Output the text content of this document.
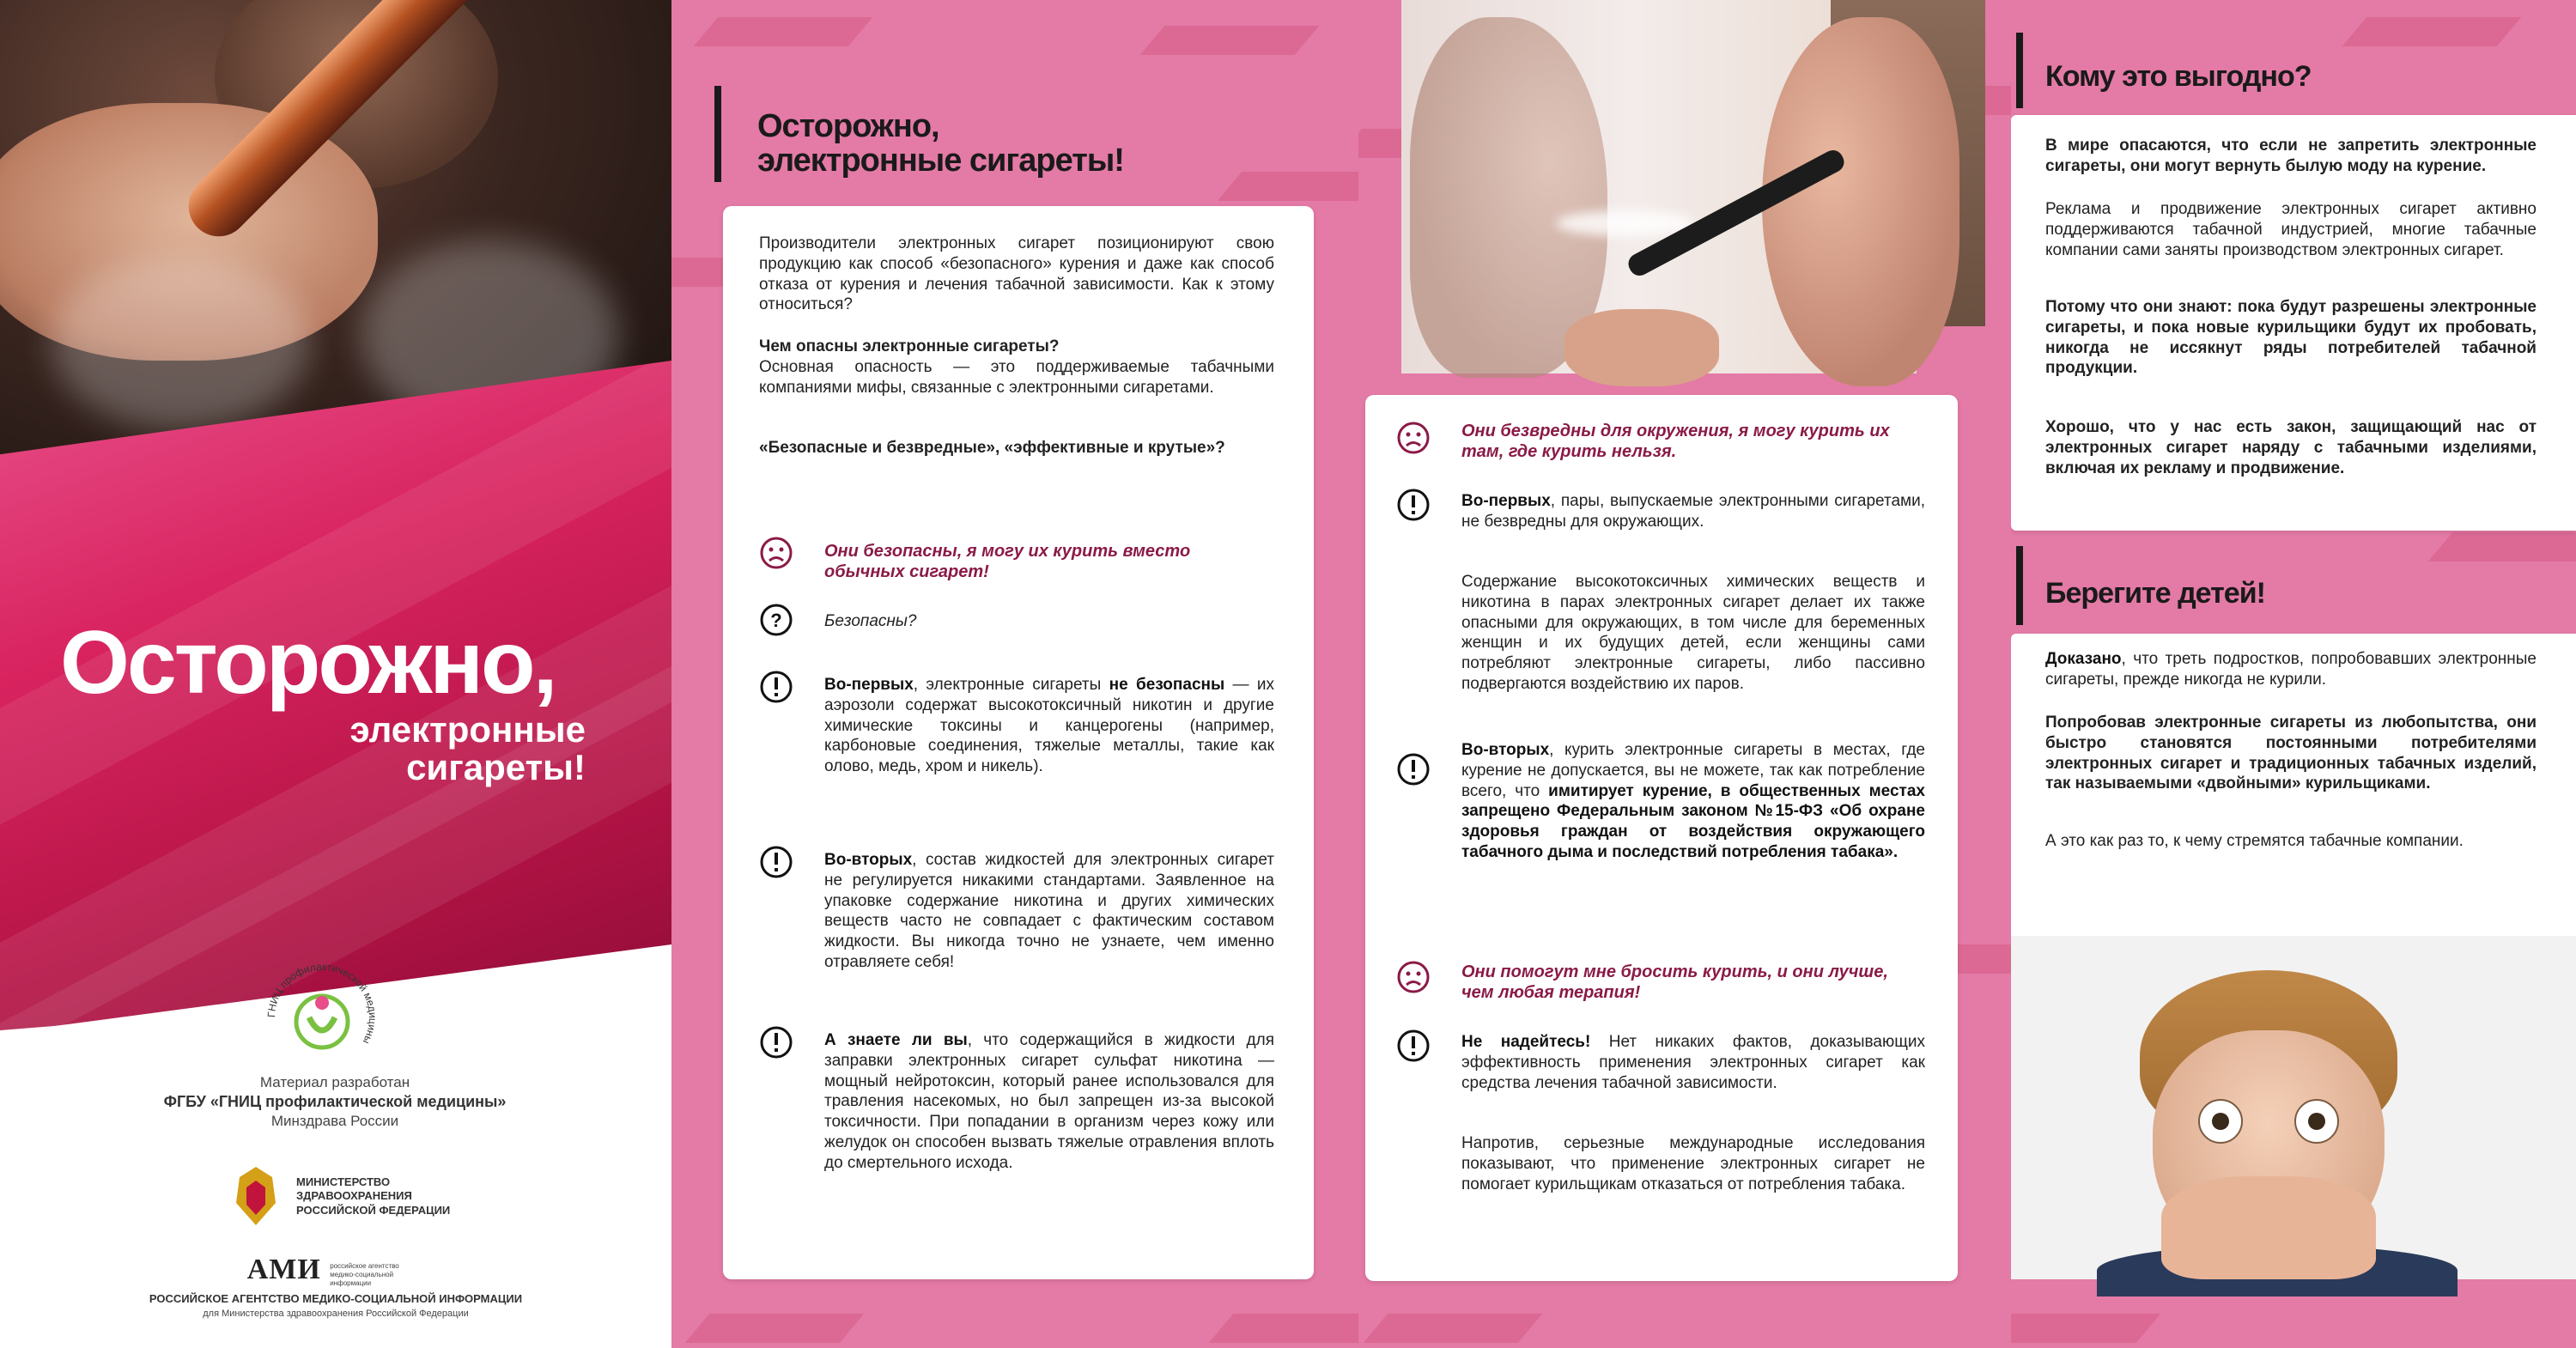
Осторожно,
электронные
сигареты!
ГНИЦ профилактической медицины
Материал разработан
ФГБУ «ГНИЦ профилактической медицины»
Минздрава России
МИНИСТЕРСТВО
ЗДРАВООХРАНЕНИЯ
РОССИЙСКОЙ ФЕДЕРАЦИИ
АМИ российское агентство медико-социальной информации
РОССИЙСКОЕ АГЕНТСТВО МЕДИКО-СОЦИАЛЬНОЙ ИНФОРМАЦИИ
для Министерства здравоохранения Российской Федерации
Осторожно,
электронные сигареты!

Производители электронных сигарет позиционируют свою продукцию как способ «безопасного» курения и даже как способ отказа от курения и лечения табачной зависимости. Как к этому относиться?

Чем опасны электронные сигареты?

Основная опасность — это поддерживаемые табачными компаниями мифы, связанные с электронными сигаретами.

«Безопасные и безвредные», «эффективные и крутые»?

Они безопасны, я могу их курить вместо обычных сигарет!

?	Безопасны?

Во-первых, электронные сигареты не безопасны — их аэрозоли содержат высокотоксичный никотин и другие химические токсины и канцерогены (например, карбоновые соединения, тяжелые металлы, такие как олово, медь, хром и никель).

Во-вторых, состав жидкостей для электронных сигарет не регулируется никакими стандартами. Заявленное на упаковке содержание никотина и других химических веществ часто не совпадает с фактическим составом жидкости. Вы никогда точно не узнаете, чем именно отравляете себя!

А знаете ли вы, что содержащийся в жидкости для заправки электронных сигарет сульфат никотина — мощный нейротоксин, который ранее использовался для травления насекомых, но был запрещен из-за высокой токсичности. При попадании в организм через кожу или желудок он способен вызвать тяжелые отравления вплоть до смертельного исхода.

Они безвредны для окружения, я могу курить их там, где курить нельзя.

Во-первых, пары, выпускаемые электронными сигаретами, не безвредны для окружающих.

Содержание высокотоксичных химических веществ и никотина в парах электронных сигарет делает их также опасными для окружающих, в том числе для беременных женщин и их будущих детей, если женщины сами потребляют электронные сигареты, либо пассивно подвергаются воздействию их паров.

Во-вторых, курить электронные сигареты в местах, где курение не допускается, вы не можете, так как потребление всего, что имитирует курение, в общественных местах запрещено Федеральным законом №15-ФЗ «Об охране здоровья граждан от воздействия окружающего табачного дыма и последствий потребления табака».

Они помогут мне бросить курить, и они лучше, чем любая терапия!

Не надейтесь! Нет никаких фактов, доказывающих эффективность применения электронных сигарет как средства лечения табачной зависимости.

Напротив, серьезные международные исследования показывают, что применение электронных сигарет не помогает курильщикам отказаться от потребления табака.

Кому это выгодно?

В мире опасаются, что если не запретить электронные сигареты, они могут вернуть былую моду на курение.

Реклама и продвижение электронных сигарет активно поддерживаются табачной индустрией, многие табачные компании сами заняты производством электронных сигарет.

Потому что они знают: пока будут разрешены электронные сигареты, и пока новые курильщики будут их пробовать, никогда не иссякнут ряды потребителей табачной продукции.

Хорошо, что у нас есть закон, защищающий нас от электронных сигарет наряду с табачными изделиями, включая их рекламу и продвижение.

Берегите детей!

Доказано, что треть подростков, попробовавших электронные сигареты, прежде никогда не курили.

Попробовав электронные сигареты из любопытства, они быстро становятся постоянными потребителями электронных сигарет и традиционных табачных изделий, так называемыми «двойными» курильщиками.

А это как раз то, к чему стремятся табачные компании.
